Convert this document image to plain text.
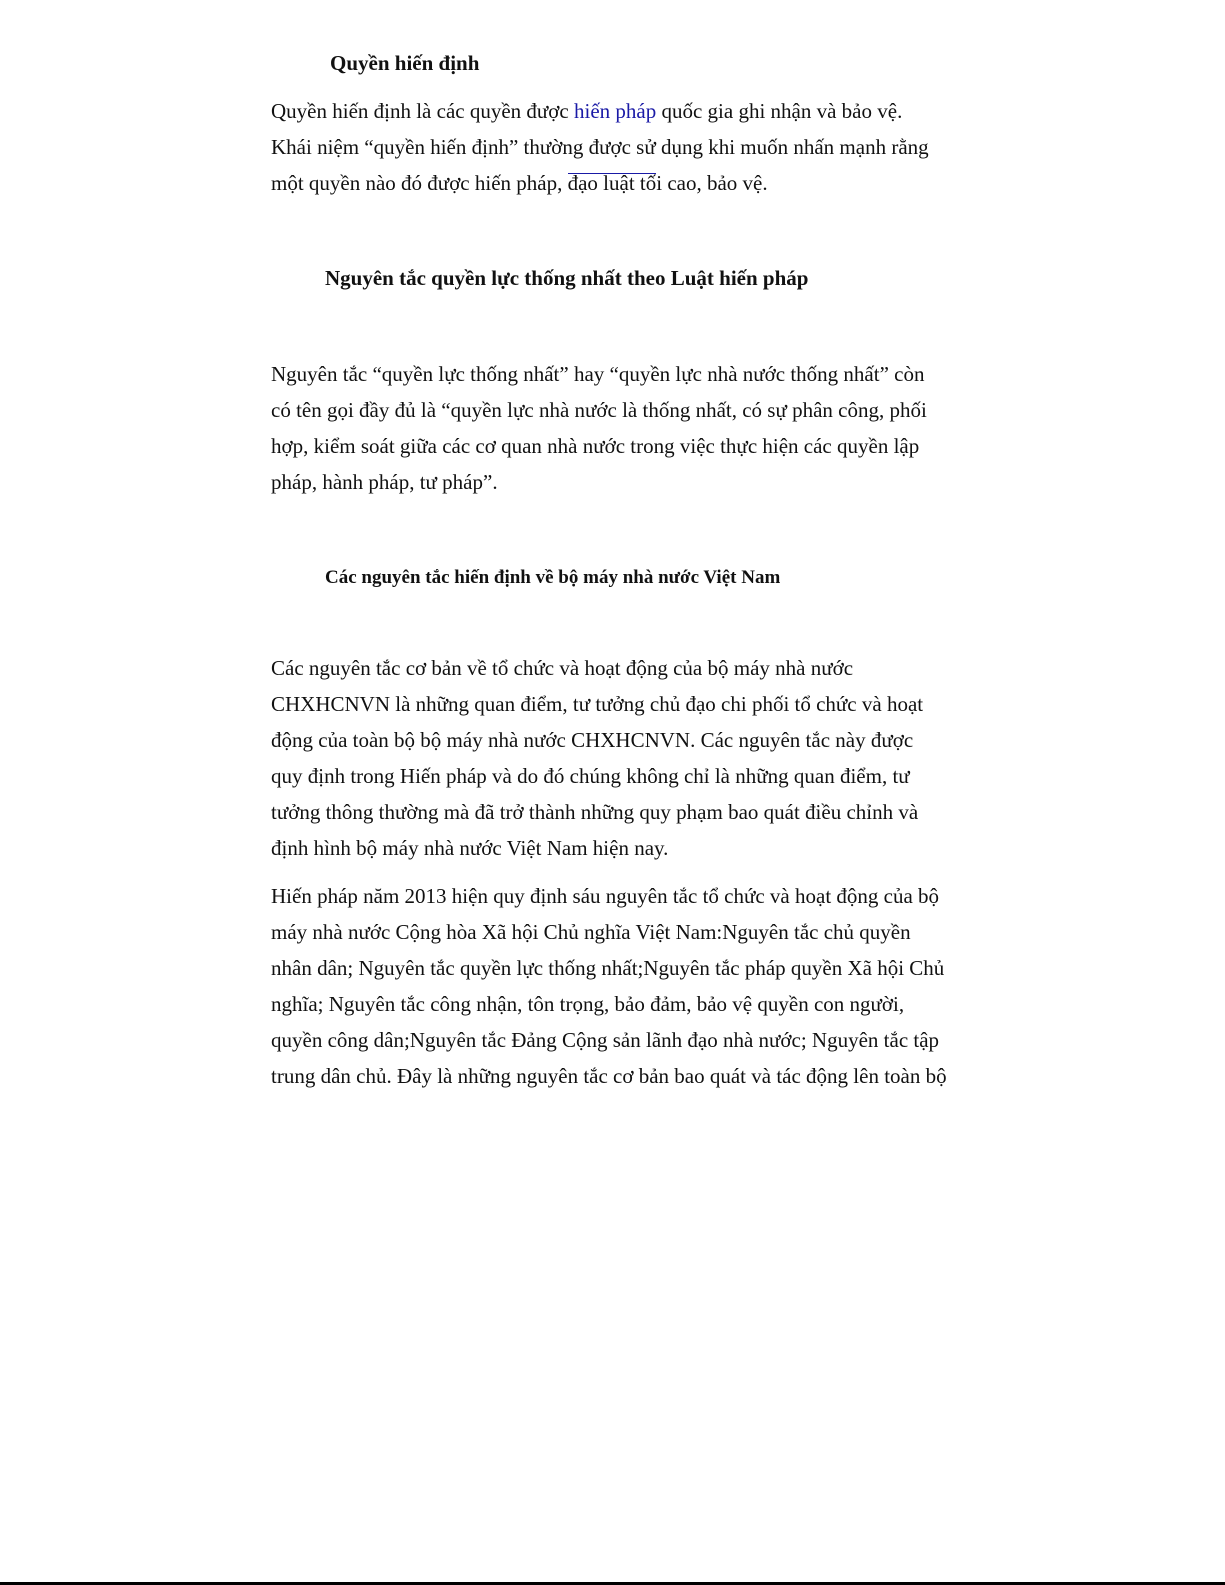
Quyền hiến định

Quyền hiến định là các quyền được hiến pháp quốc gia ghi nhận và bảo vệ.
Khái niệm “quyền hiến định” thường được sử dụng khi muốn nhấn mạnh rằng
một quyền nào đó được hiến pháp, đạo luật tối cao, bảo vệ.

Nguyên tắc quyền lực thống nhất theo Luật hiến pháp

Nguyên tắc “quyền lực thống nhất” hay “quyền lực nhà nước thống nhất” còn
có tên gọi đầy đủ là “quyền lực nhà nước là thống nhất, có sự phân công, phối
hợp, kiểm soát giữa các cơ quan nhà nước trong việc thực hiện các quyền lập
pháp, hành pháp, tư pháp”.

Các nguyên tắc hiến định về bộ máy nhà nước Việt Nam

Các nguyên tắc cơ bản về tổ chức và hoạt động của bộ máy nhà nước
CHXHCNVN là những quan điểm, tư tưởng chủ đạo chi phối tổ chức và hoạt
động của toàn bộ bộ máy nhà nước CHXHCNVN. Các nguyên tắc này được
quy định trong Hiến pháp và do đó chúng không chỉ là những quan điểm, tư
tưởng thông thường mà đã trở thành những quy phạm bao quát điều chỉnh và
định hình bộ máy nhà nước Việt Nam hiện nay.

Hiến pháp năm 2013 hiện quy định sáu nguyên tắc tổ chức và hoạt động của bộ
máy nhà nước Cộng hòa Xã hội Chủ nghĩa Việt Nam:Nguyên tắc chủ quyền
nhân dân; Nguyên tắc quyền lực thống nhất;Nguyên tắc pháp quyền Xã hội Chủ
nghĩa; Nguyên tắc công nhận, tôn trọng, bảo đảm, bảo vệ quyền con người,
quyền công dân;Nguyên tắc Đảng Cộng sản lãnh đạo nhà nước; Nguyên tắc tập
trung dân chủ. Đây là những nguyên tắc cơ bản bao quát và tác động lên toàn bộ
